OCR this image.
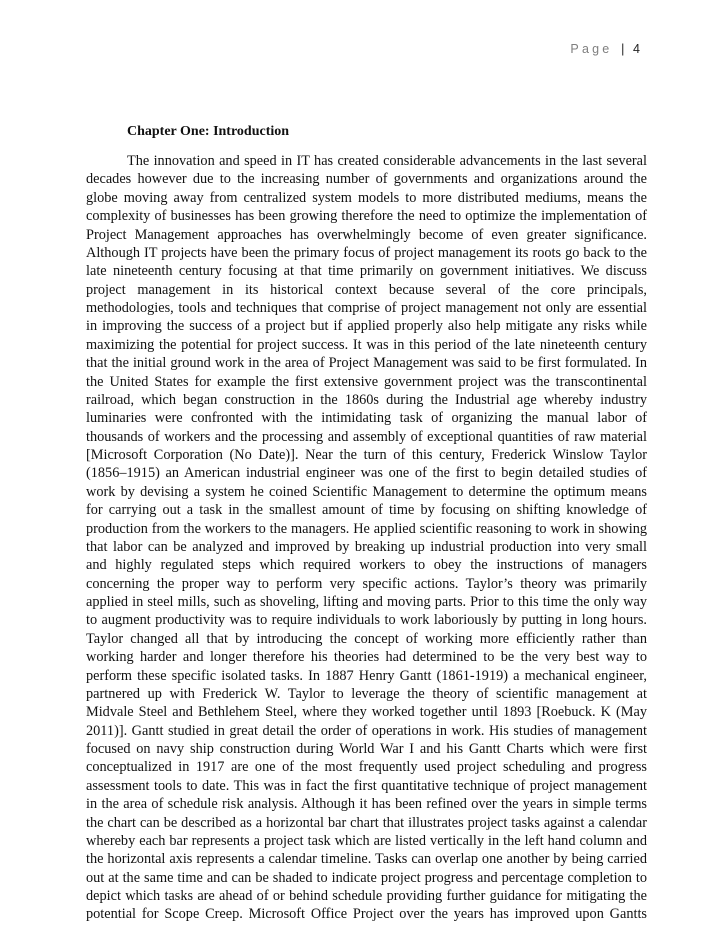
Page | 4
Chapter One: Introduction
The innovation and speed in IT has created considerable advancements in the last several
decades however due to the increasing number of governments and organizations around the
globe moving away from centralized system models to more distributed mediums, means the
complexity of businesses has been growing therefore the need to optimize the implementation of
Project Management approaches has overwhelmingly become of even greater significance.
Although IT projects have been the primary focus of project management its roots go back to the
late nineteenth century focusing at that time primarily on government initiatives. We discuss
project management in its historical context because several of the core principals,
methodologies, tools and techniques that comprise of project management not only are essential
in improving the success of a project but if applied properly also help mitigate any risks while
maximizing the potential for project success. It was in this period of the late nineteenth century
that the initial ground work in the area of Project Management was said to be first formulated. In
the United States for example the first extensive government project was the transcontinental
railroad, which began construction in the 1860s during the Industrial age whereby industry
luminaries were confronted with the intimidating task of organizing the manual labor of
thousands of workers and the processing and assembly of exceptional quantities of raw material
[Microsoft Corporation (No Date)]. Near the turn of this century, Frederick Winslow Taylor
(1856–1915) an American industrial engineer was one of the first to begin detailed studies of
work by devising a system he coined Scientific Management to determine the optimum means
for carrying out a task in the smallest amount of time by focusing on shifting knowledge of
production from the workers to the managers. He applied scientific reasoning to work in showing
that labor can be analyzed and improved by breaking up industrial production into very small
and highly regulated steps which required workers to obey the instructions of managers
concerning the proper way to perform very specific actions. Taylor’s theory was primarily
applied in steel mills, such as shoveling, lifting and moving parts. Prior to this time the only way
to augment productivity was to require individuals to work laboriously by putting in long hours.
Taylor changed all that by introducing the concept of working more efficiently rather than
working harder and longer therefore his theories had determined to be the very best way to
perform these specific isolated tasks. In 1887 Henry Gantt (1861-1919) a mechanical engineer,
partnered up with Frederick W. Taylor to leverage the theory of scientific management at
Midvale Steel and Bethlehem Steel, where they worked together until 1893 [Roebuck. K (May
2011)]. Gantt studied in great detail the order of operations in work. His studies of management
focused on navy ship construction during World War I and his Gantt Charts which were first
conceptualized in 1917 are one of the most frequently used project scheduling and progress
assessment tools to date. This was in fact the first quantitative technique of project management
in the area of schedule risk analysis. Although it has been refined over the years in simple terms
the chart can be described as a horizontal bar chart that illustrates project tasks against a calendar
whereby each bar represents a project task which are listed vertically in the left hand column and
the horizontal axis represents a calendar timeline. Tasks can overlap one another by being carried
out at the same time and can be shaded to indicate project progress and percentage completion to
depict which tasks are ahead of or behind schedule providing further guidance for mitigating the
potential for Scope Creep. Microsoft Office Project over the years has improved upon Gantts
